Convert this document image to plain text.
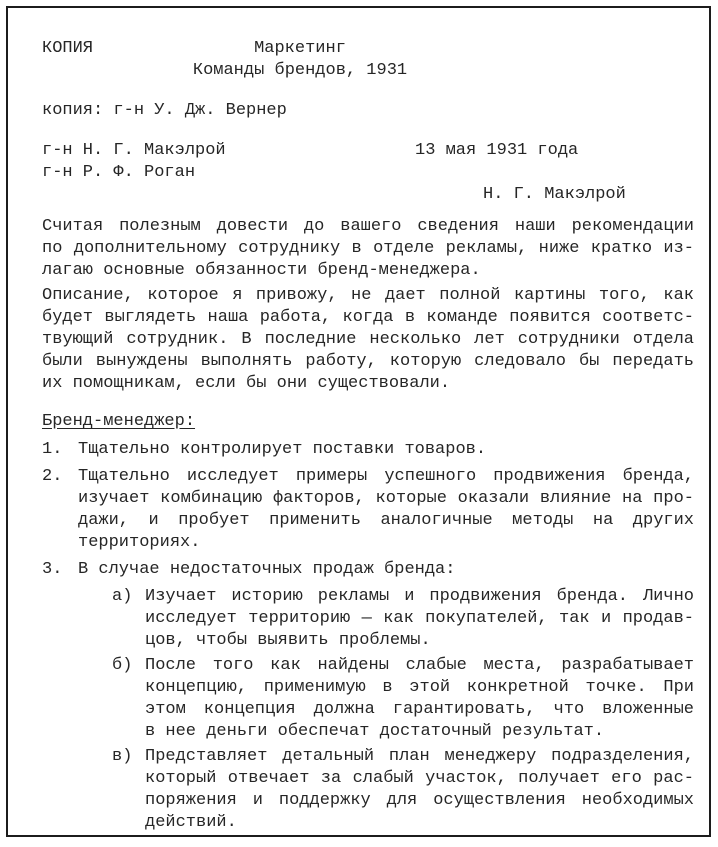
КОПИЯ	Маркетинг
Команды брендов, 1931
копия: г-н У. Дж. Вернер
г-н Н. Г. Макэлрой	13 мая 1931 года
г-н Р. Ф. Роган
Н. Г. Макэлрой
Считая полезным довести до вашего сведения наши рекомендации
по дополнительному сотруднику в отделе рекламы, ниже кратко из-
лагаю основные обязанности бренд-менеджера.
Описание, которое я привожу, не дает полной картины того, как
будет выглядеть наша работа, когда в команде появится соответс-
твующий сотрудник. В последние несколько лет сотрудники отдела
были вынуждены выполнять работу, которую следовало бы передать
их помощникам, если бы они существовали.
Бренд-менеджер:
1. Тщательно контролирует поставки товаров.
2. Тщательно исследует примеры успешного продвижения бренда,
изучает комбинацию факторов, которые оказали влияние на про-
дажи, и пробует применить аналогичные методы на других
территориях.
3. В случае недостаточных продаж бренда:
а) Изучает историю рекламы и продвижения бренда. Лично
исследует территорию — как покупателей, так и продав-
цов, чтобы выявить проблемы.
б) После того как найдены слабые места, разрабатывает
концепцию, применимую в этой конкретной точке. При
этом концепция должна гарантировать, что вложенные
в нее деньги обеспечат достаточный результат.
в) Представляет детальный план менеджеру подразделения,
который отвечает за слабый участок, получает его рас-
поряжения и поддержку для осуществления необходимых
действий.
